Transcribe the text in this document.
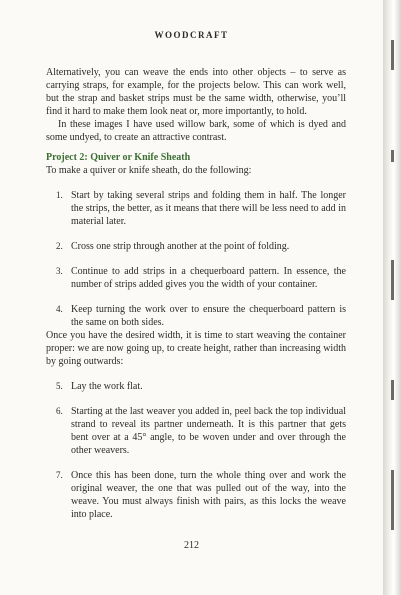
WOODCRAFT

Alternatively, you can weave the ends into other objects – to serve as carrying straps, for example, for the projects below. This can work well, but the strap and basket strips must be the same width, otherwise, you’ll find it hard to make them look neat or, more importantly, to hold.

In these images I have used willow bark, some of which is dyed and some undyed, to create an attractive contrast.

Project 2: Quiver or Knife Sheath

To make a quiver or knife sheath, do the following:

1. Start by taking several strips and folding them in half. The longer the strips, the better, as it means that there will be less need to add in material later.
2. Cross one strip through another at the point of folding.
3. Continue to add strips in a chequerboard pattern. In essence, the number of strips added gives you the width of your container.
4. Keep turning the work over to ensure the chequerboard pattern is the same on both sides.

Once you have the desired width, it is time to start weaving the container proper: we are now going up, to create height, rather than increasing width by going outwards:

5. Lay the work flat.
6. Starting at the last weaver you added in, peel back the top individual strand to reveal its partner underneath. It is this partner that gets bent over at a 45° angle, to be woven under and over through the other weavers.
7. Once this has been done, turn the whole thing over and work the original weaver, the one that was pulled out of the way, into the weave. You must always finish with pairs, as this locks the weave into place.
212
